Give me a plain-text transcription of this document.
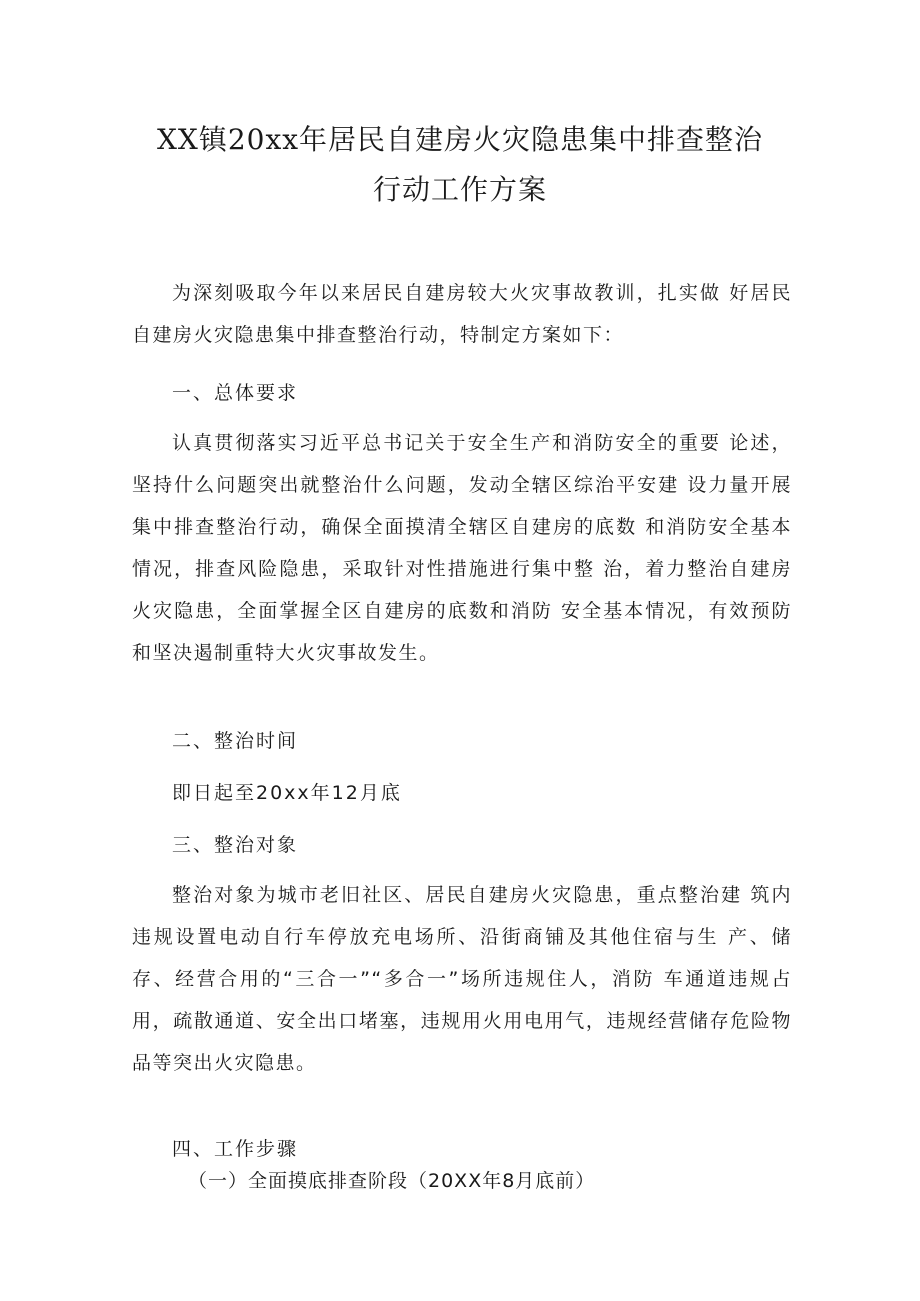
XX镇20xx年居民自建房火灾隐患集中排查整治
行动工作方案

为深刻吸取今年以来居民自建房较大火灾事故教训，扎实做 好居民自建房火灾隐患集中排查整治行动，特制定方案如下：

一、总体要求

认真贯彻落实习近平总书记关于安全生产和消防安全的重要 论述，坚持什么问题突出就整治什么问题，发动全辖区综治平安建 设力量开展集中排查整治行动，确保全面摸清全辖区自建房的底数 和消防安全基本情况，排查风险隐患，采取针对性措施进行集中整 治，着力整治自建房火灾隐患，全面掌握全区自建房的底数和消防 安全基本情况，有效预防和坚决遏制重特大火灾事故发生。

二、整治时间

即日起至20xx年12月底

三、整治对象

整治对象为城市老旧社区、居民自建房火灾隐患，重点整治建 筑内违规设置电动自行车停放充电场所、沿街商铺及其他住宿与生 产、储存、经营合用的“三合一”“多合一”场所违规住人，消防 车通道违规占用，疏散通道、安全出口堵塞，违规用火用电用气，违规经营储存危险物品等突出火灾隐患。

四、工作步骤

（一）全面摸底排查阶段（20XX年8月底前）
